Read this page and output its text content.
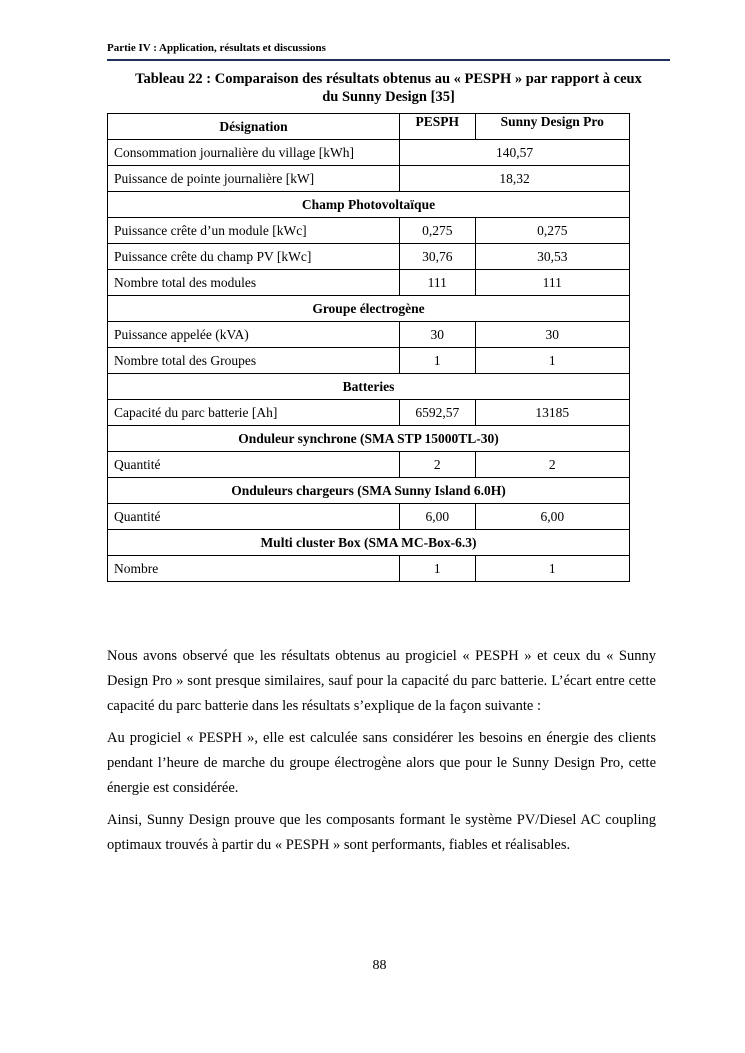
Partie IV : Application, résultats et discussions
Tableau 22 : Comparaison des résultats obtenus au « PESPH » par rapport à ceux
du Sunny Design [35]
Désignation	PESPH	Sunny Design Pro
Consommation journalière du village [kWh]	140,57	
Puissance de pointe journalière [kW]	18,32	
Champ Photovoltaïque		
Puissance crête d’un module [kWc]	0,275	0,275
Puissance crête du champ PV [kWc]	30,76	30,53
Nombre total des modules	111	111
Groupe électrogène		
Puissance appelée (kVA)	30	30
Nombre total des Groupes	1	1
Batteries		
Capacité du parc batterie [Ah]	6592,57	13185
Onduleur synchrone (SMA STP 15000TL-30)		
Quantité	2	2
Onduleurs chargeurs (SMA Sunny Island 6.0H)		
Quantité	6,00	6,00
Multi cluster Box (SMA MC-Box-6.3)		
Nombre	1	1

Nous avons observé que les résultats obtenus au progiciel « PESPH » et ceux du « Sunny Design Pro » sont presque similaires, sauf pour la capacité du parc batterie. L’écart entre cette capacité du parc batterie dans les résultats s’explique de la façon suivante :

Au progiciel « PESPH », elle est calculée sans considérer les besoins en énergie des clients pendant l’heure de marche du groupe électrogène alors que pour le Sunny Design Pro, cette énergie est considérée.

Ainsi, Sunny Design prouve que les composants formant le système PV/Diesel AC coupling optimaux trouvés à partir du « PESPH » sont performants, fiables et réalisables.

88
